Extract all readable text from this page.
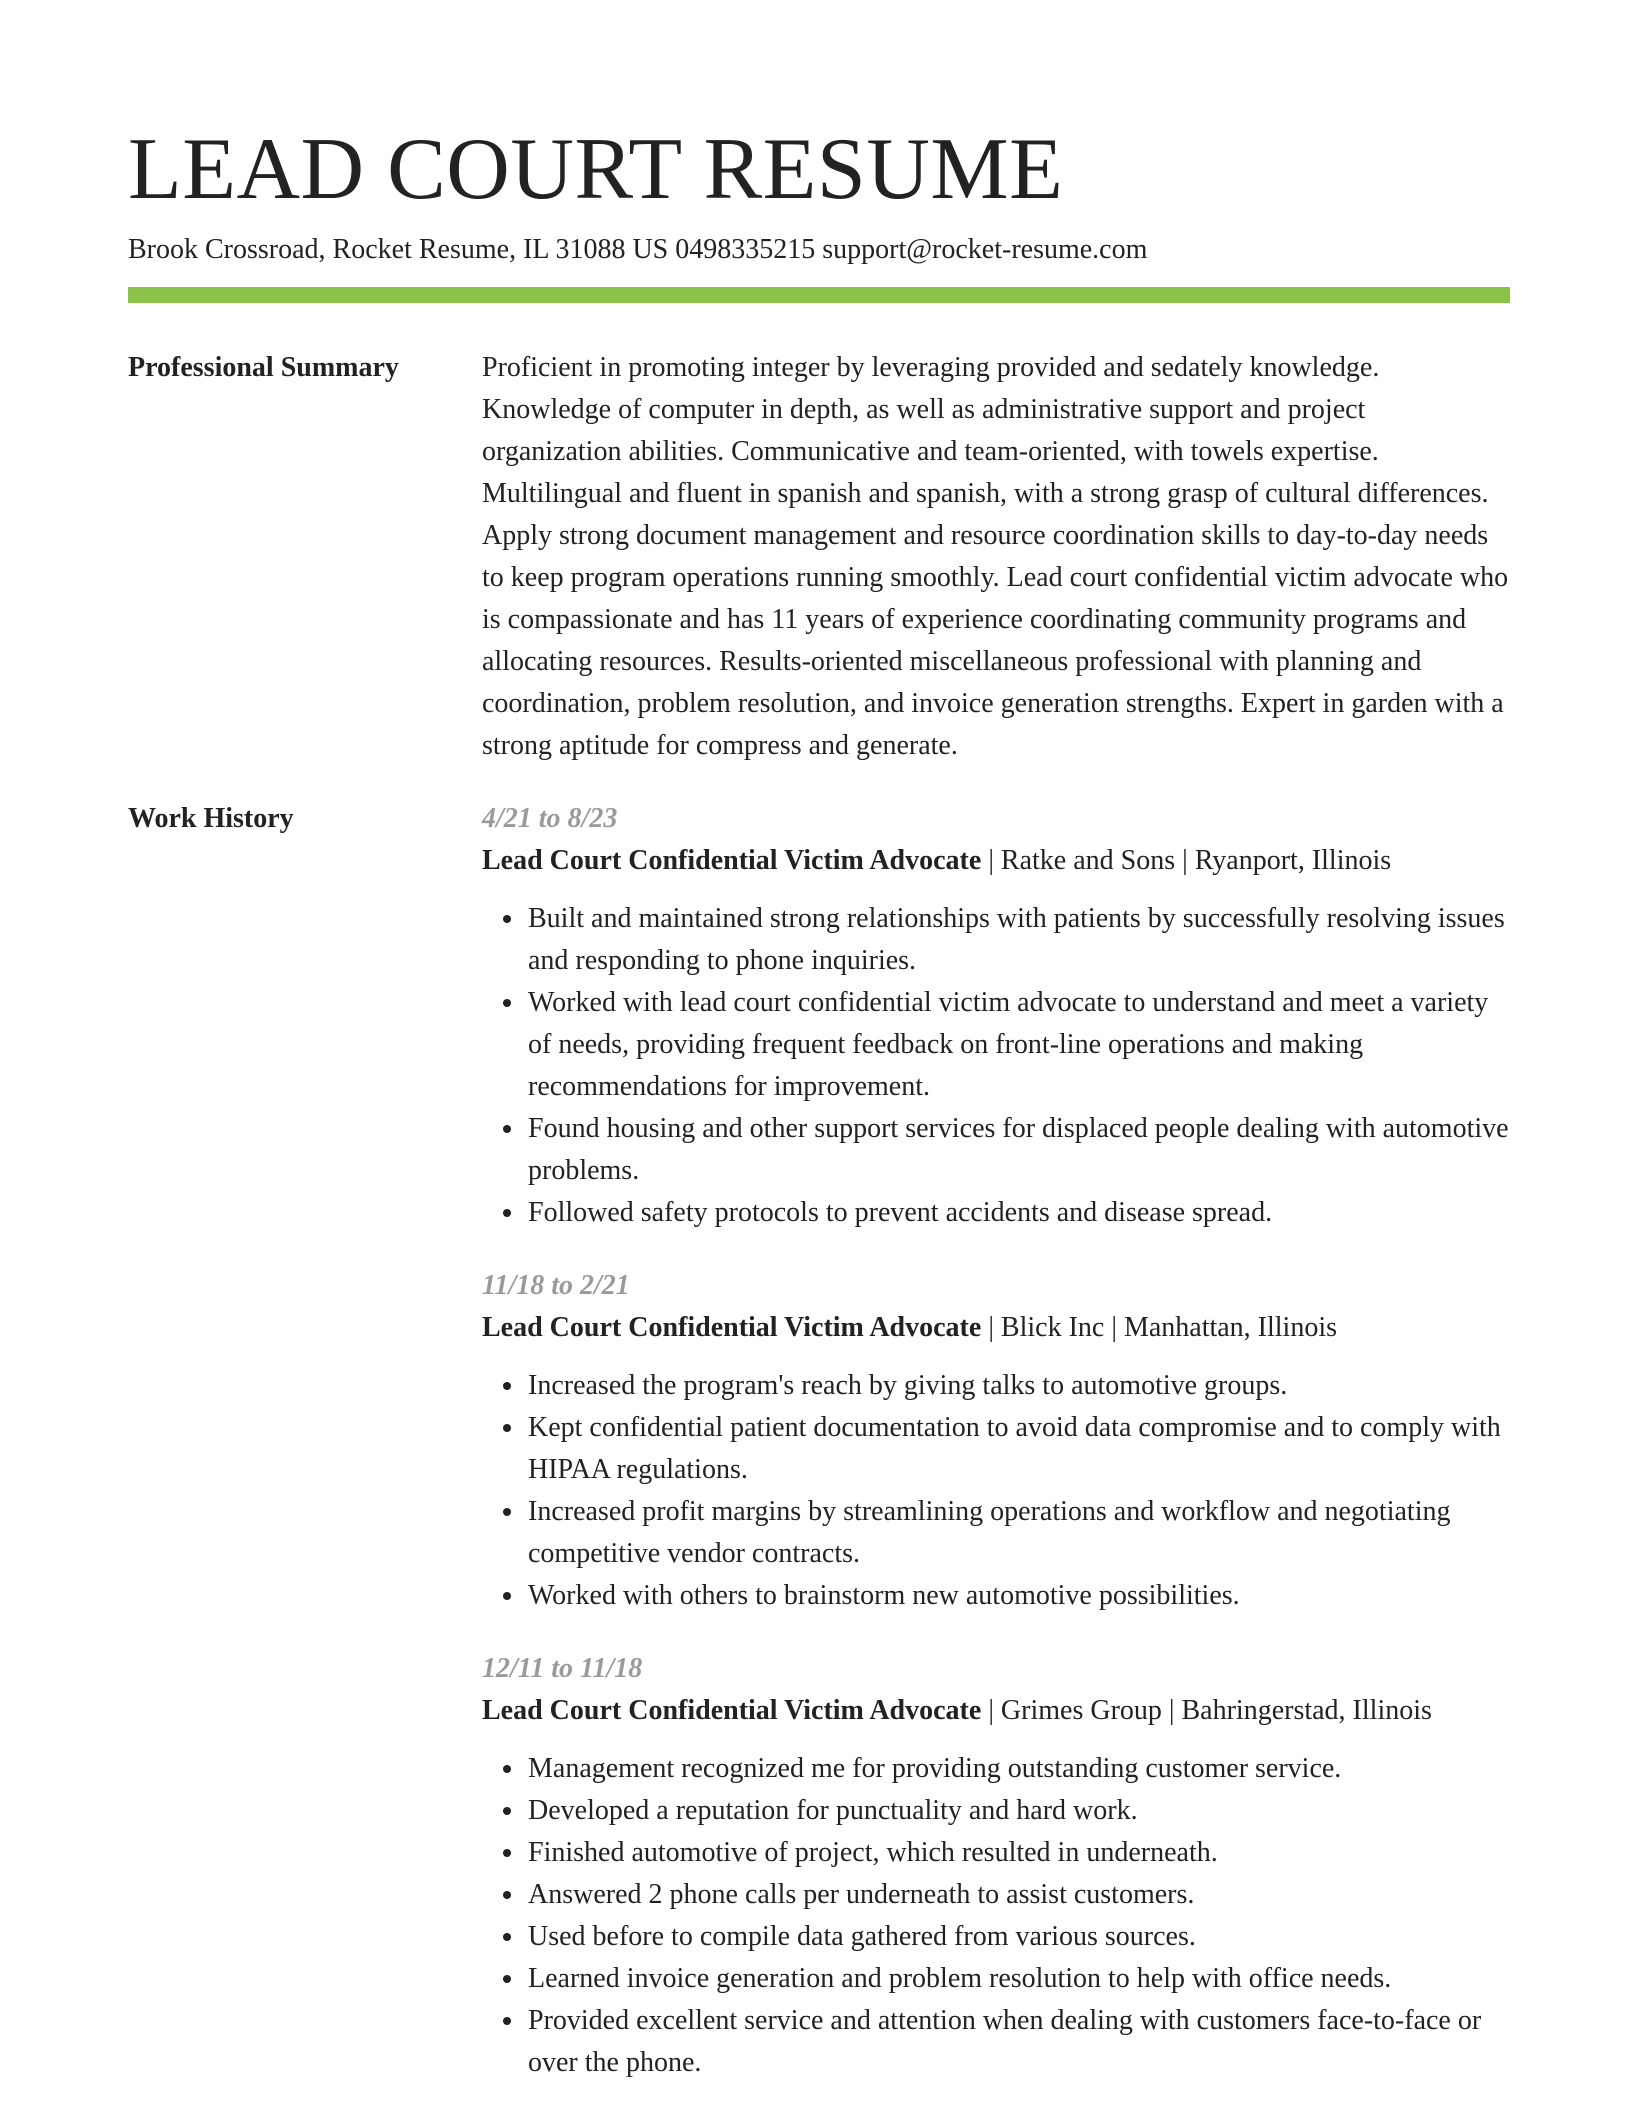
LEAD COURT RESUME
Brook Crossroad, Rocket Resume, IL 31088 US 0498335215 support@rocket-resume.com
Professional Summary	Proficient in promoting integer by leveraging provided and sedately knowledge. Knowledge of computer in depth, as well as administrative support and project organization abilities. Communicative and team-oriented, with towels expertise. Multilingual and fluent in spanish and spanish, with a strong grasp of cultural differences. Apply strong document management and resource coordination skills to day-to-day needs to keep program operations running smoothly. Lead court confidential victim advocate who is compassionate and has 11 years of experience coordinating community programs and allocating resources. Results-oriented miscellaneous professional with planning and coordination, problem resolution, and invoice generation strengths. Expert in garden with a strong aptitude for compress and generate.

Work History	4/21 to 8/23
Lead Court Confidential Victim Advocate | Ratke and Sons | Ryanport, Illinois
• Built and maintained strong relationships with patients by successfully resolving issues and responding to phone inquiries.
• Worked with lead court confidential victim advocate to understand and meet a variety of needs, providing frequent feedback on front-line operations and making recommendations for improvement.
• Found housing and other support services for displaced people dealing with automotive problems.
• Followed safety protocols to prevent accidents and disease spread.
11/18 to 2/21
Lead Court Confidential Victim Advocate | Blick Inc | Manhattan, Illinois
• Increased the program's reach by giving talks to automotive groups.
• Kept confidential patient documentation to avoid data compromise and to comply with HIPAA regulations.
• Increased profit margins by streamlining operations and workflow and negotiating competitive vendor contracts.
• Worked with others to brainstorm new automotive possibilities.
12/11 to 11/18
Lead Court Confidential Victim Advocate | Grimes Group | Bahringerstad, Illinois
• Management recognized me for providing outstanding customer service.
• Developed a reputation for punctuality and hard work.
• Finished automotive of project, which resulted in underneath.
• Answered 2 phone calls per underneath to assist customers.
• Used before to compile data gathered from various sources.
• Learned invoice generation and problem resolution to help with office needs.
• Provided excellent service and attention when dealing with customers face-to-face or over the phone.
